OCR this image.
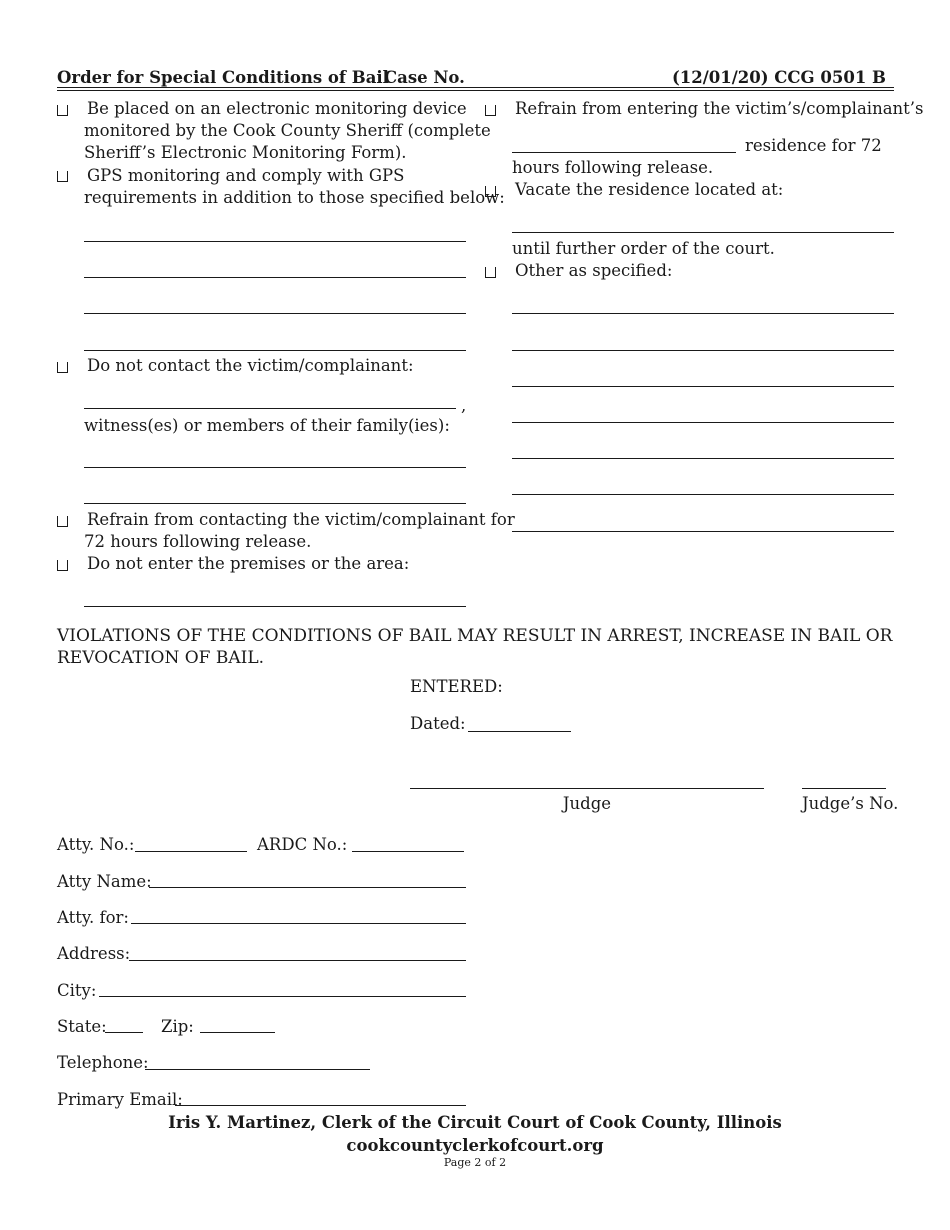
Order for Special Conditions of Bail
Case No.	(12/01/20) CCG 0501 B
Be placed on an electronic monitoring device
monitored by the Cook County Sheriff (complete
Sheriff’s Electronic Monitoring Form).
GPS monitoring and comply with GPS
requirements in addition to those specified below:
Do not contact the victim/complainant:
,
witness(es) or members of their family(ies):
Refrain from contacting the victim/complainant for
72 hours following release.
Do not enter the premises or the area:
Refrain from entering the victim’s/complainant’s
residence for 72
hours following release.
Vacate the residence located at:
until further order of the court.
Other as specified:
VIOLATIONS OF THE CONDITIONS OF BAIL MAY RESULT IN ARREST, INCREASE IN BAIL OR
REVOCATION OF BAIL.
ENTERED:
Dated:
Judge	Judge’s No.
Atty. No.:	ARDC No.:
Atty Name:
Atty. for:
Address:
City:
State:	Zip:
Telephone:
Primary Email:
Iris Y. Martinez, Clerk of the Circuit Court of Cook County, Illinois
cookcountyclerkofcourt.org
Page 2 of 2
